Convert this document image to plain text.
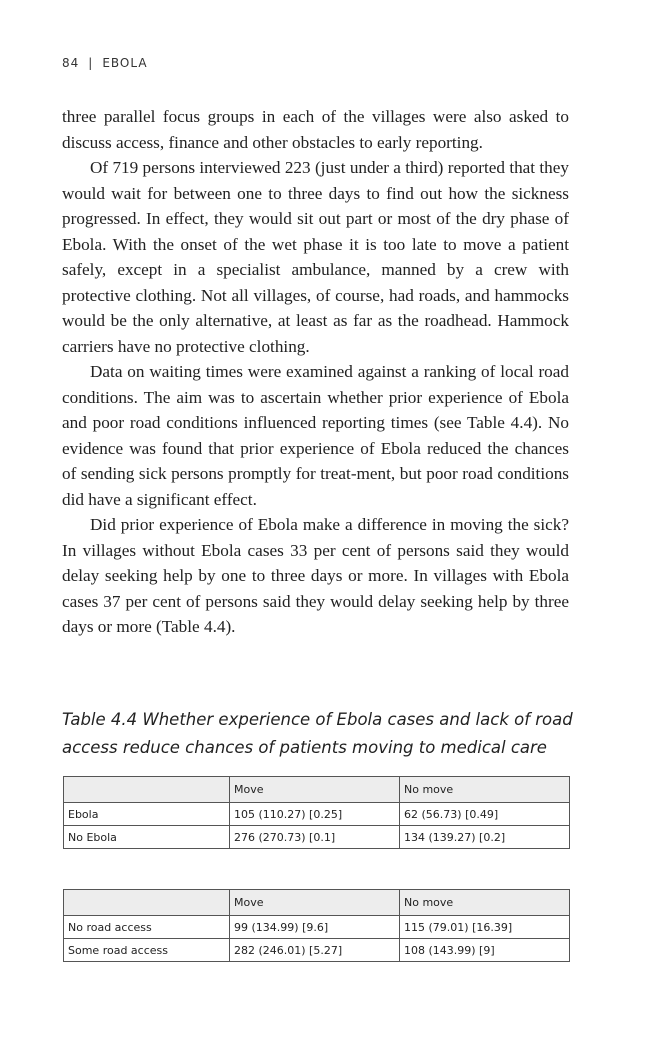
84 | EBOLA

three parallel focus groups in each of the villages were also asked to discuss access, finance and other obstacles to early reporting.

Of 719 persons interviewed 223 (just under a third) reported that they would wait for between one to three days to find out how the sickness progressed. In effect, they would sit out part or most of the dry phase of Ebola. With the onset of the wet phase it is too late to move a patient safely, except in a specialist ambulance, manned by a crew with protective clothing. Not all villages, of course, had roads, and hammocks would be the only alternative, at least as far as the roadhead. Hammock carriers have no protective clothing.

Data on waiting times were examined against a ranking of local road conditions. The aim was to ascertain whether prior experience of Ebola and poor road conditions influenced reporting times (see Table 4.4). No evidence was found that prior experience of Ebola reduced the chances of sending sick persons promptly for treat-ment, but poor road conditions did have a significant effect.

Did prior experience of Ebola make a difference in moving the sick? In villages without Ebola cases 33 per cent of persons said they would delay seeking help by one to three days or more. In villages with Ebola cases 37 per cent of persons said they would delay seeking help by three days or more (Table 4.4).

Table 4.4 Whether experience of Ebola cases and lack of road access reduce chances of patients moving to medical care

	Move	No move
Ebola	105 (110.27) [0.25]	62 (56.73) [0.49]
No Ebola	276 (270.73) [0.1]	134 (139.27) [0.2]
	Move	No move
No road access	99 (134.99) [9.6]	115 (79.01) [16.39]
Some road access	282 (246.01) [5.27]	108 (143.99) [9]
